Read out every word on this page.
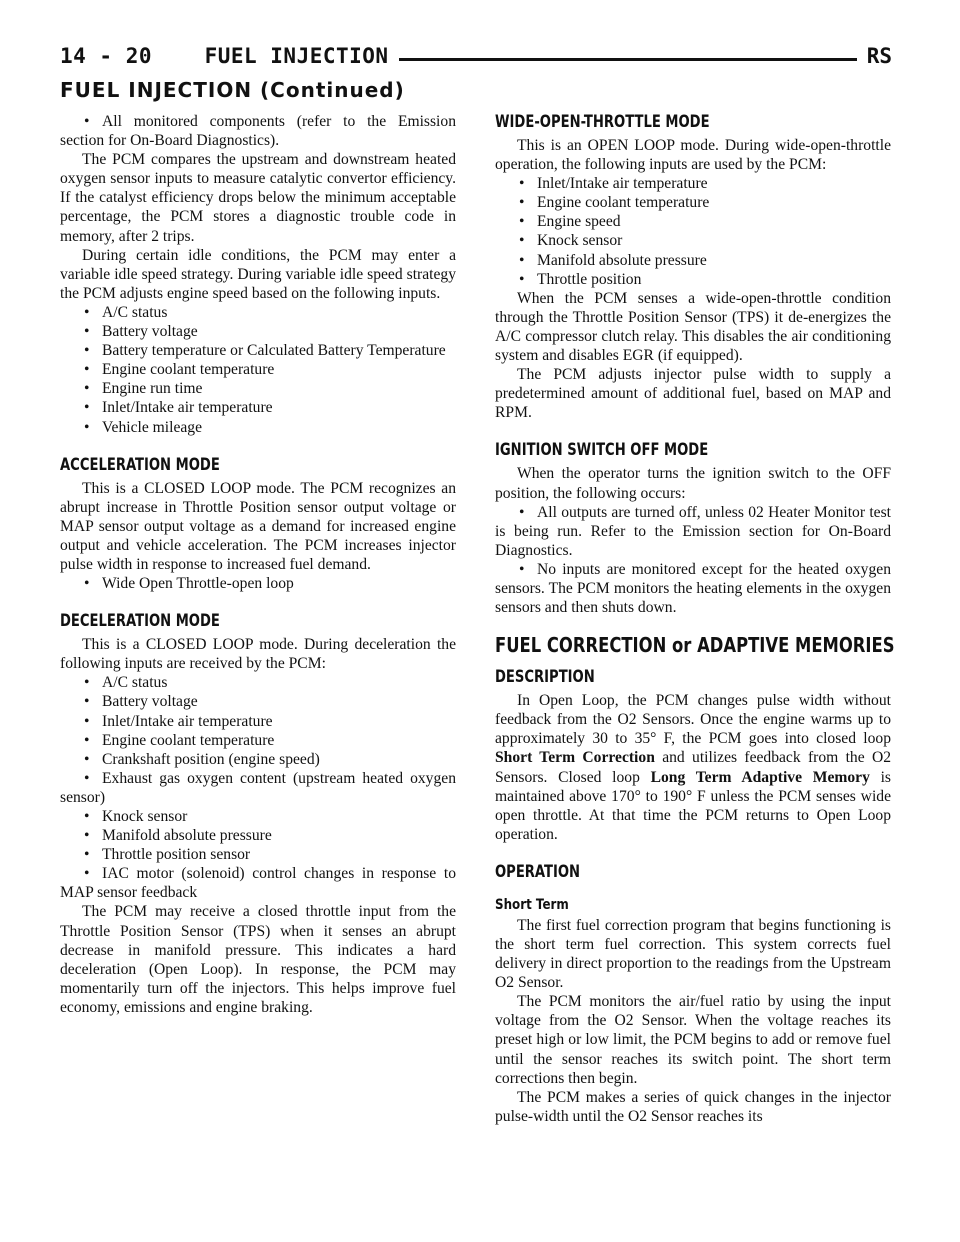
14 - 20    FUEL INJECTION	RS
FUEL INJECTION (Continued)
• All monitored components (refer to the Emission section for On-Board Diagnostics).

The PCM compares the upstream and downstream heated oxygen sensor inputs to measure catalytic convertor efficiency. If the catalyst efficiency drops below the minimum acceptable percentage, the PCM stores a diagnostic trouble code in memory, after 2 trips.

During certain idle conditions, the PCM may enter a variable idle speed strategy. During variable idle speed strategy the PCM adjusts engine speed based on the following inputs.

• A/C status
• Battery voltage
• Battery temperature or Calculated Battery Temperature
• Engine coolant temperature
• Engine run time
• Inlet/Intake air temperature
• Vehicle mileage
ACCELERATION MODE

This is a CLOSED LOOP mode. The PCM recognizes an abrupt increase in Throttle Position sensor output voltage or MAP sensor output voltage as a demand for increased engine output and vehicle acceleration. The PCM increases injector pulse width in response to increased fuel demand.

• Wide Open Throttle-open loop
DECELERATION MODE

This is a CLOSED LOOP mode. During deceleration the following inputs are received by the PCM:

• A/C status
• Battery voltage
• Inlet/Intake air temperature
• Engine coolant temperature
• Crankshaft position (engine speed)
• Exhaust gas oxygen content (upstream heated oxygen sensor)
• Knock sensor
• Manifold absolute pressure
• Throttle position sensor
• IAC motor (solenoid) control changes in response to MAP sensor feedback

The PCM may receive a closed throttle input from the Throttle Position Sensor (TPS) when it senses an abrupt decrease in manifold pressure. This indicates a hard deceleration (Open Loop). In response, the PCM may momentarily turn off the injectors. This helps improve fuel economy, emissions and engine braking.

WIDE-OPEN-THROTTLE MODE

This is an OPEN LOOP mode. During wide-open-throttle operation, the following inputs are used by the PCM:

• Inlet/Intake air temperature
• Engine coolant temperature
• Engine speed
• Knock sensor
• Manifold absolute pressure
• Throttle position

When the PCM senses a wide-open-throttle condition through the Throttle Position Sensor (TPS) it de-energizes the A/C compressor clutch relay. This disables the air conditioning system and disables EGR (if equipped).

The PCM adjusts injector pulse width to supply a predetermined amount of additional fuel, based on MAP and RPM.

IGNITION SWITCH OFF MODE

When the operator turns the ignition switch to the OFF position, the following occurs:

• All outputs are turned off, unless 02 Heater Monitor test is being run. Refer to the Emission section for On-Board Diagnostics.
• No inputs are monitored except for the heated oxygen sensors. The PCM monitors the heating elements in the oxygen sensors and then shuts down.
FUEL CORRECTION or ADAPTIVE MEMORIES
DESCRIPTION

In Open Loop, the PCM changes pulse width without feedback from the O2 Sensors. Once the engine warms up to approximately 30 to 35° F, the PCM goes into closed loop Short Term Correction and utilizes feedback from the O2 Sensors. Closed loop Long Term Adaptive Memory is maintained above 170° to 190° F unless the PCM senses wide open throttle. At that time the PCM returns to Open Loop operation.

OPERATION
Short Term

The first fuel correction program that begins functioning is the short term fuel correction. This system corrects fuel delivery in direct proportion to the readings from the Upstream O2 Sensor.

The PCM monitors the air/fuel ratio by using the input voltage from the O2 Sensor. When the voltage reaches its preset high or low limit, the PCM begins to add or remove fuel until the sensor reaches its switch point. The short term corrections then begin.

The PCM makes a series of quick changes in the injector pulse-width until the O2 Sensor reaches its
